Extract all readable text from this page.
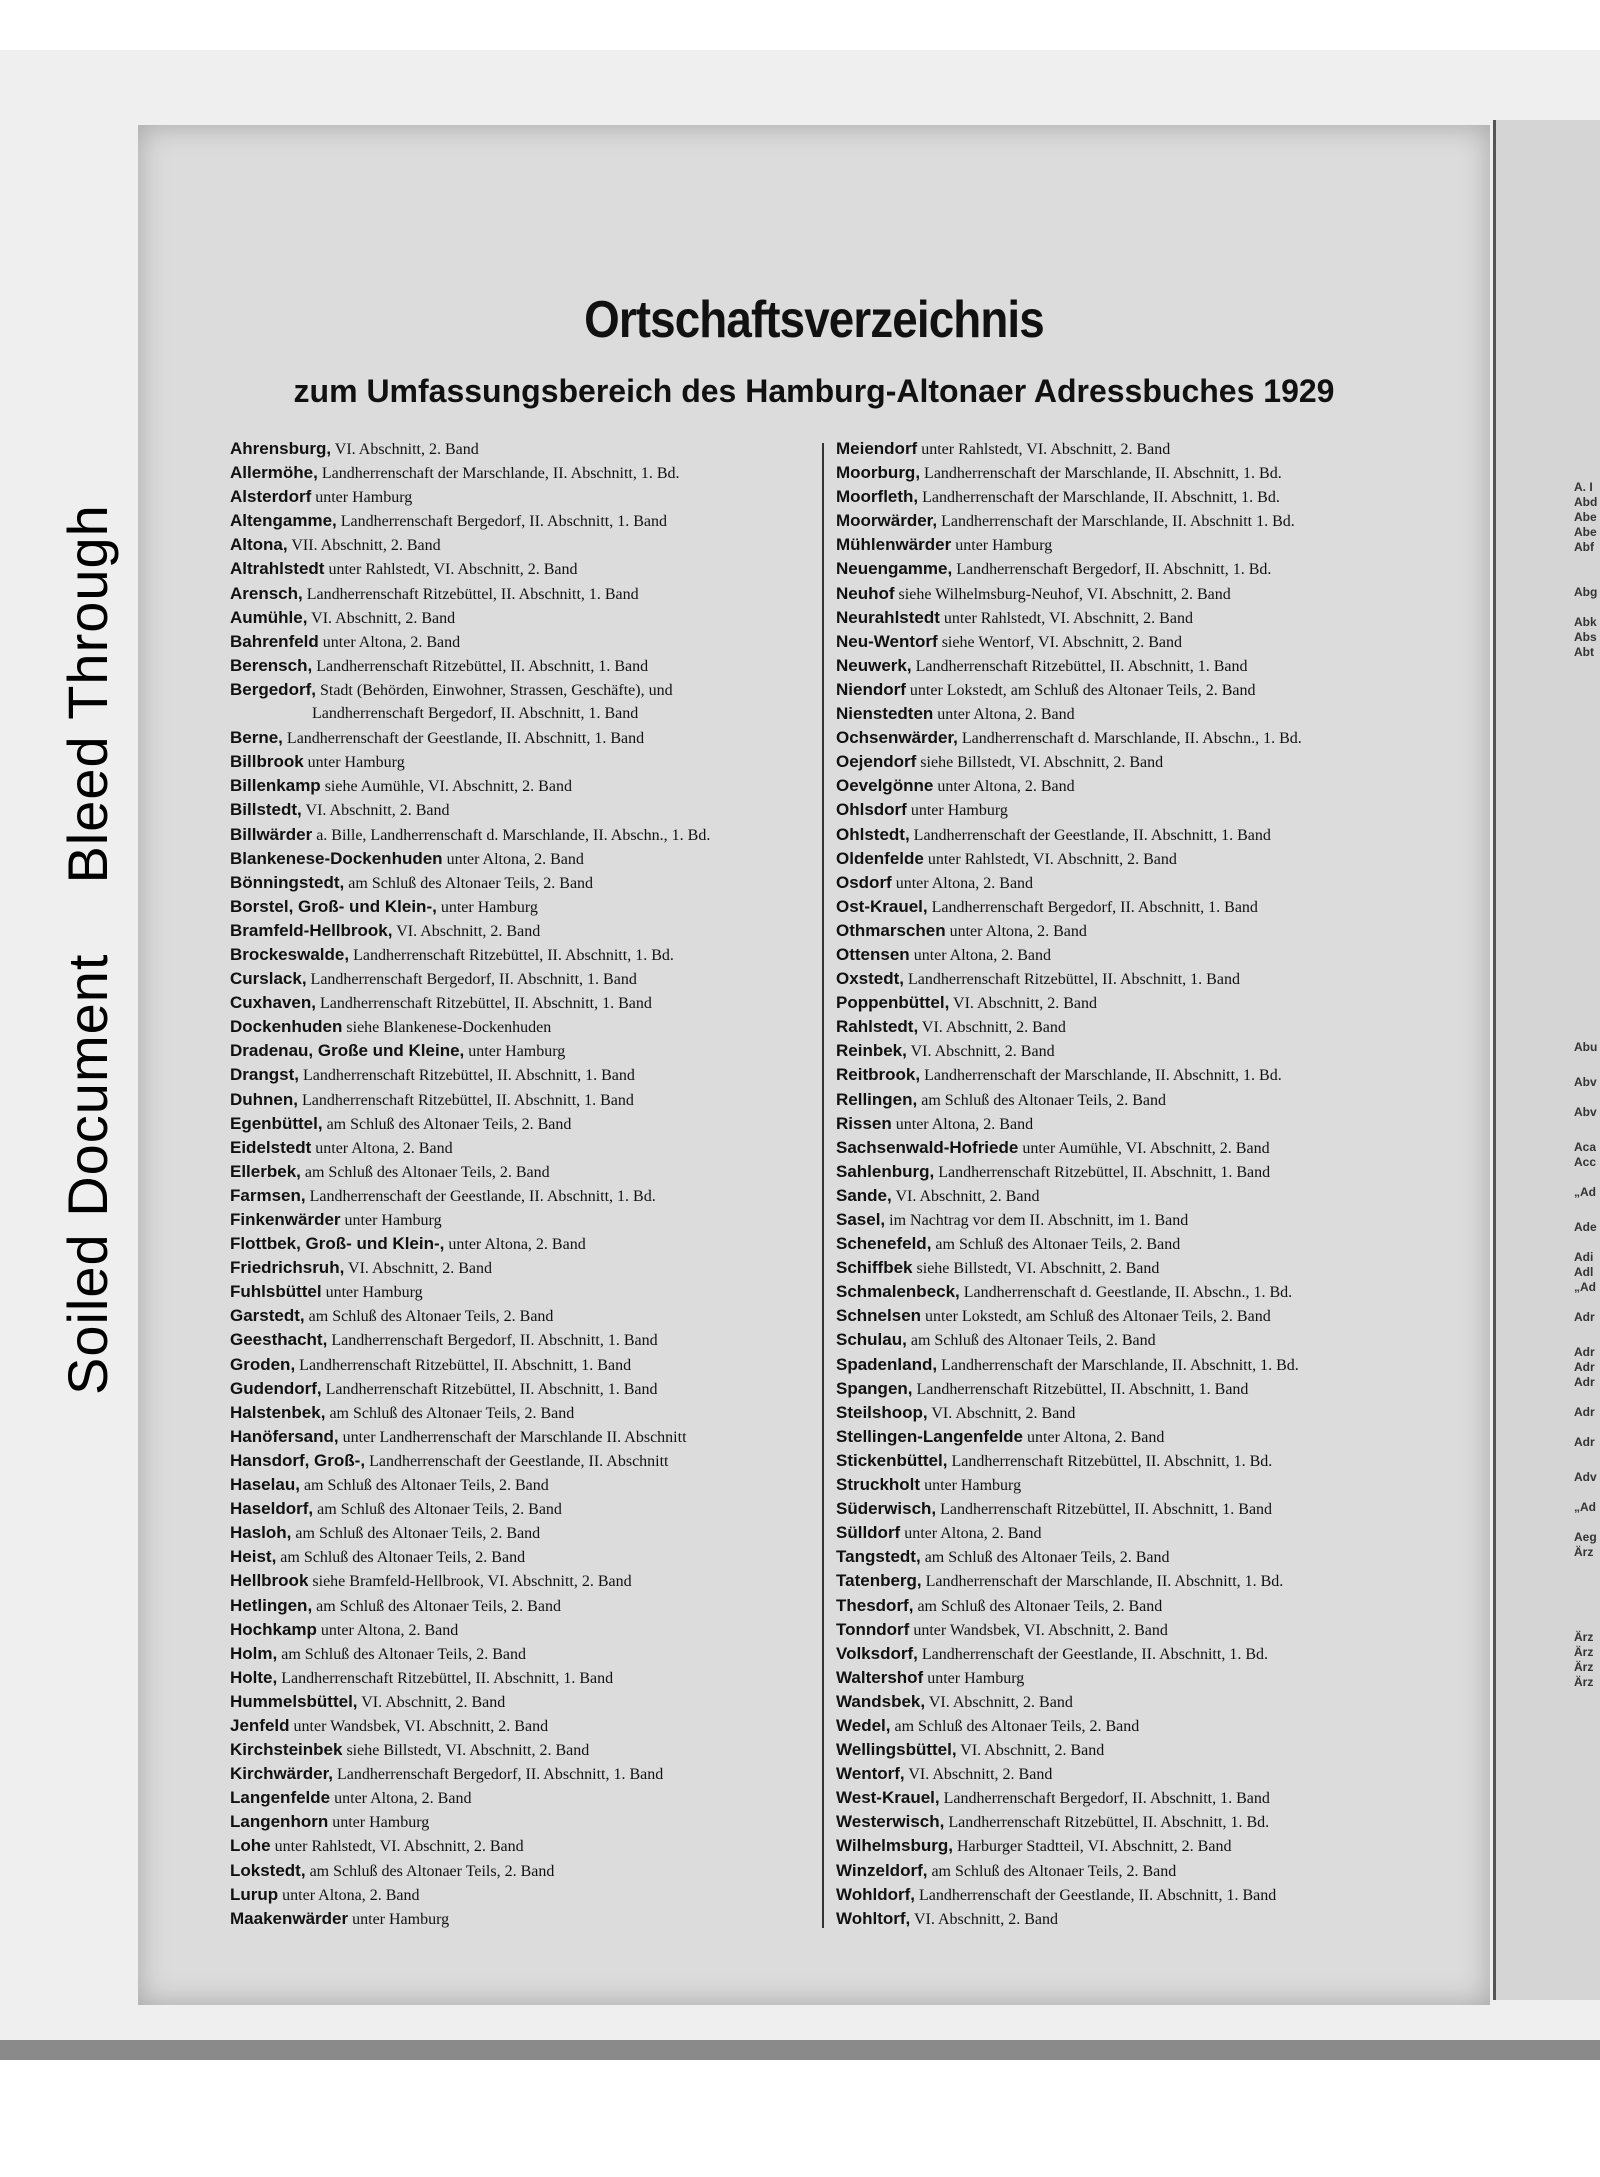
Soiled DocumentBleed Through
Ortschaftsverzeichnis
zum Umfassungsbereich des Hamburg-Altonaer Adressbuches 1929
Ahrensburg, VI. Abschnitt, 2. Band
Allermöhe, Landherrenschaft der Marschlande, II. Abschnitt, 1. Bd.
Alsterdorf unter Hamburg
Altengamme, Landherrenschaft Bergedorf, II. Abschnitt, 1. Band
Altona, VII. Abschnitt, 2. Band
Altrahlstedt unter Rahlstedt, VI. Abschnitt, 2. Band
Arensch, Landherrenschaft Ritzebüttel, II. Abschnitt, 1. Band
Aumühle, VI. Abschnitt, 2. Band
Bahrenfeld unter Altona, 2. Band
Berensch, Landherrenschaft Ritzebüttel, II. Abschnitt, 1. Band
Bergedorf, Stadt (Behörden, Einwohner, Strassen, Geschäfte), und
Landherrenschaft Bergedorf, II. Abschnitt, 1. Band
Berne, Landherrenschaft der Geestlande, II. Abschnitt, 1. Band
Billbrook unter Hamburg
Billenkamp siehe Aumühle, VI. Abschnitt, 2. Band
Billstedt, VI. Abschnitt, 2. Band
Billwärder a. Bille, Landherrenschaft d. Marschlande, II. Abschn., 1. Bd.
Blankenese-Dockenhuden unter Altona, 2. Band
Bönningstedt, am Schluß des Altonaer Teils, 2. Band
Borstel, Groß- und Klein-, unter Hamburg
Bramfeld-Hellbrook, VI. Abschnitt, 2. Band
Brockeswalde, Landherrenschaft Ritzebüttel, II. Abschnitt, 1. Bd.
Curslack, Landherrenschaft Bergedorf, II. Abschnitt, 1. Band
Cuxhaven, Landherrenschaft Ritzebüttel, II. Abschnitt, 1. Band
Dockenhuden siehe Blankenese-Dockenhuden
Dradenau, Große und Kleine, unter Hamburg
Drangst, Landherrenschaft Ritzebüttel, II. Abschnitt, 1. Band
Duhnen, Landherrenschaft Ritzebüttel, II. Abschnitt, 1. Band
Egenbüttel, am Schluß des Altonaer Teils, 2. Band
Eidelstedt unter Altona, 2. Band
Ellerbek, am Schluß des Altonaer Teils, 2. Band
Farmsen, Landherrenschaft der Geestlande, II. Abschnitt, 1. Bd.
Finkenwärder unter Hamburg
Flottbek, Groß- und Klein-, unter Altona, 2. Band
Friedrichsruh, VI. Abschnitt, 2. Band
Fuhlsbüttel unter Hamburg
Garstedt, am Schluß des Altonaer Teils, 2. Band
Geesthacht, Landherrenschaft Bergedorf, II. Abschnitt, 1. Band
Groden, Landherrenschaft Ritzebüttel, II. Abschnitt, 1. Band
Gudendorf, Landherrenschaft Ritzebüttel, II. Abschnitt, 1. Band
Halstenbek, am Schluß des Altonaer Teils, 2. Band
Hanöfersand, unter Landherrenschaft der Marschlande II. Abschnitt
Hansdorf, Groß-, Landherrenschaft der Geestlande, II. Abschnitt
Haselau, am Schluß des Altonaer Teils, 2. Band
Haseldorf, am Schluß des Altonaer Teils, 2. Band
Hasloh, am Schluß des Altonaer Teils, 2. Band
Heist, am Schluß des Altonaer Teils, 2. Band
Hellbrook siehe Bramfeld-Hellbrook, VI. Abschnitt, 2. Band
Hetlingen, am Schluß des Altonaer Teils, 2. Band
Hochkamp unter Altona, 2. Band
Holm, am Schluß des Altonaer Teils, 2. Band
Holte, Landherrenschaft Ritzebüttel, II. Abschnitt, 1. Band
Hummelsbüttel, VI. Abschnitt, 2. Band
Jenfeld unter Wandsbek, VI. Abschnitt, 2. Band
Kirchsteinbek siehe Billstedt, VI. Abschnitt, 2. Band
Kirchwärder, Landherrenschaft Bergedorf, II. Abschnitt, 1. Band
Langenfelde unter Altona, 2. Band
Langenhorn unter Hamburg
Lohe unter Rahlstedt, VI. Abschnitt, 2. Band
Lokstedt, am Schluß des Altonaer Teils, 2. Band
Lurup unter Altona, 2. Band
Maakenwärder unter Hamburg
Meiendorf unter Rahlstedt, VI. Abschnitt, 2. Band
Moorburg, Landherrenschaft der Marschlande, II. Abschnitt, 1. Bd.
Moorfleth, Landherrenschaft der Marschlande, II. Abschnitt, 1. Bd.
Moorwärder, Landherrenschaft der Marschlande, II. Abschnitt 1. Bd.
Mühlenwärder unter Hamburg
Neuengamme, Landherrenschaft Bergedorf, II. Abschnitt, 1. Bd.
Neuhof siehe Wilhelmsburg-Neuhof, VI. Abschnitt, 2. Band
Neurahlstedt unter Rahlstedt, VI. Abschnitt, 2. Band
Neu-Wentorf siehe Wentorf, VI. Abschnitt, 2. Band
Neuwerk, Landherrenschaft Ritzebüttel, II. Abschnitt, 1. Band
Niendorf unter Lokstedt, am Schluß des Altonaer Teils, 2. Band
Nienstedten unter Altona, 2. Band
Ochsenwärder, Landherrenschaft d. Marschlande, II. Abschn., 1. Bd.
Oejendorf siehe Billstedt, VI. Abschnitt, 2. Band
Oevelgönne unter Altona, 2. Band
Ohlsdorf unter Hamburg
Ohlstedt, Landherrenschaft der Geestlande, II. Abschnitt, 1. Band
Oldenfelde unter Rahlstedt, VI. Abschnitt, 2. Band
Osdorf unter Altona, 2. Band
Ost-Krauel, Landherrenschaft Bergedorf, II. Abschnitt, 1. Band
Othmarschen unter Altona, 2. Band
Ottensen unter Altona, 2. Band
Oxstedt, Landherrenschaft Ritzebüttel, II. Abschnitt, 1. Band
Poppenbüttel, VI. Abschnitt, 2. Band
Rahlstedt, VI. Abschnitt, 2. Band
Reinbek, VI. Abschnitt, 2. Band
Reitbrook, Landherrenschaft der Marschlande, II. Abschnitt, 1. Bd.
Rellingen, am Schluß des Altonaer Teils, 2. Band
Rissen unter Altona, 2. Band
Sachsenwald-Hofriede unter Aumühle, VI. Abschnitt, 2. Band
Sahlenburg, Landherrenschaft Ritzebüttel, II. Abschnitt, 1. Band
Sande, VI. Abschnitt, 2. Band
Sasel, im Nachtrag vor dem II. Abschnitt, im 1. Band
Schenefeld, am Schluß des Altonaer Teils, 2. Band
Schiffbek siehe Billstedt, VI. Abschnitt, 2. Band
Schmalenbeck, Landherrenschaft d. Geestlande, II. Abschn., 1. Bd.
Schnelsen unter Lokstedt, am Schluß des Altonaer Teils, 2. Band
Schulau, am Schluß des Altonaer Teils, 2. Band
Spadenland, Landherrenschaft der Marschlande, II. Abschnitt, 1. Bd.
Spangen, Landherrenschaft Ritzebüttel, II. Abschnitt, 1. Band
Steilshoop, VI. Abschnitt, 2. Band
Stellingen-Langenfelde unter Altona, 2. Band
Stickenbüttel, Landherrenschaft Ritzebüttel, II. Abschnitt, 1. Bd.
Struckholt unter Hamburg
Süderwisch, Landherrenschaft Ritzebüttel, II. Abschnitt, 1. Band
Sülldorf unter Altona, 2. Band
Tangstedt, am Schluß des Altonaer Teils, 2. Band
Tatenberg, Landherrenschaft der Marschlande, II. Abschnitt, 1. Bd.
Thesdorf, am Schluß des Altonaer Teils, 2. Band
Tonndorf unter Wandsbek, VI. Abschnitt, 2. Band
Volksdorf, Landherrenschaft der Geestlande, II. Abschnitt, 1. Bd.
Waltershof unter Hamburg
Wandsbek, VI. Abschnitt, 2. Band
Wedel, am Schluß des Altonaer Teils, 2. Band
Wellingsbüttel, VI. Abschnitt, 2. Band
Wentorf, VI. Abschnitt, 2. Band
West-Krauel, Landherrenschaft Bergedorf, II. Abschnitt, 1. Band
Westerwisch, Landherrenschaft Ritzebüttel, II. Abschnitt, 1. Bd.
Wilhelmsburg, Harburger Stadtteil, VI. Abschnitt, 2. Band
Winzeldorf, am Schluß des Altonaer Teils, 2. Band
Wohldorf, Landherrenschaft der Geestlande, II. Abschnitt, 1. Band
Wohltorf, VI. Abschnitt, 2. Band
A. I
Abd
Abe
Abe
Abf
Abg
Abk
Abs
Abt
Abu
Abv
Abv
Aca
Acc
„Ad
Ade
Adi
Adl
„Ad
Adr
Adr
Adr
Adr
Adr
Adr
Adv
„Ad
Aeg
Ärz
Ärz
Ärz
Ärz
Ärz
